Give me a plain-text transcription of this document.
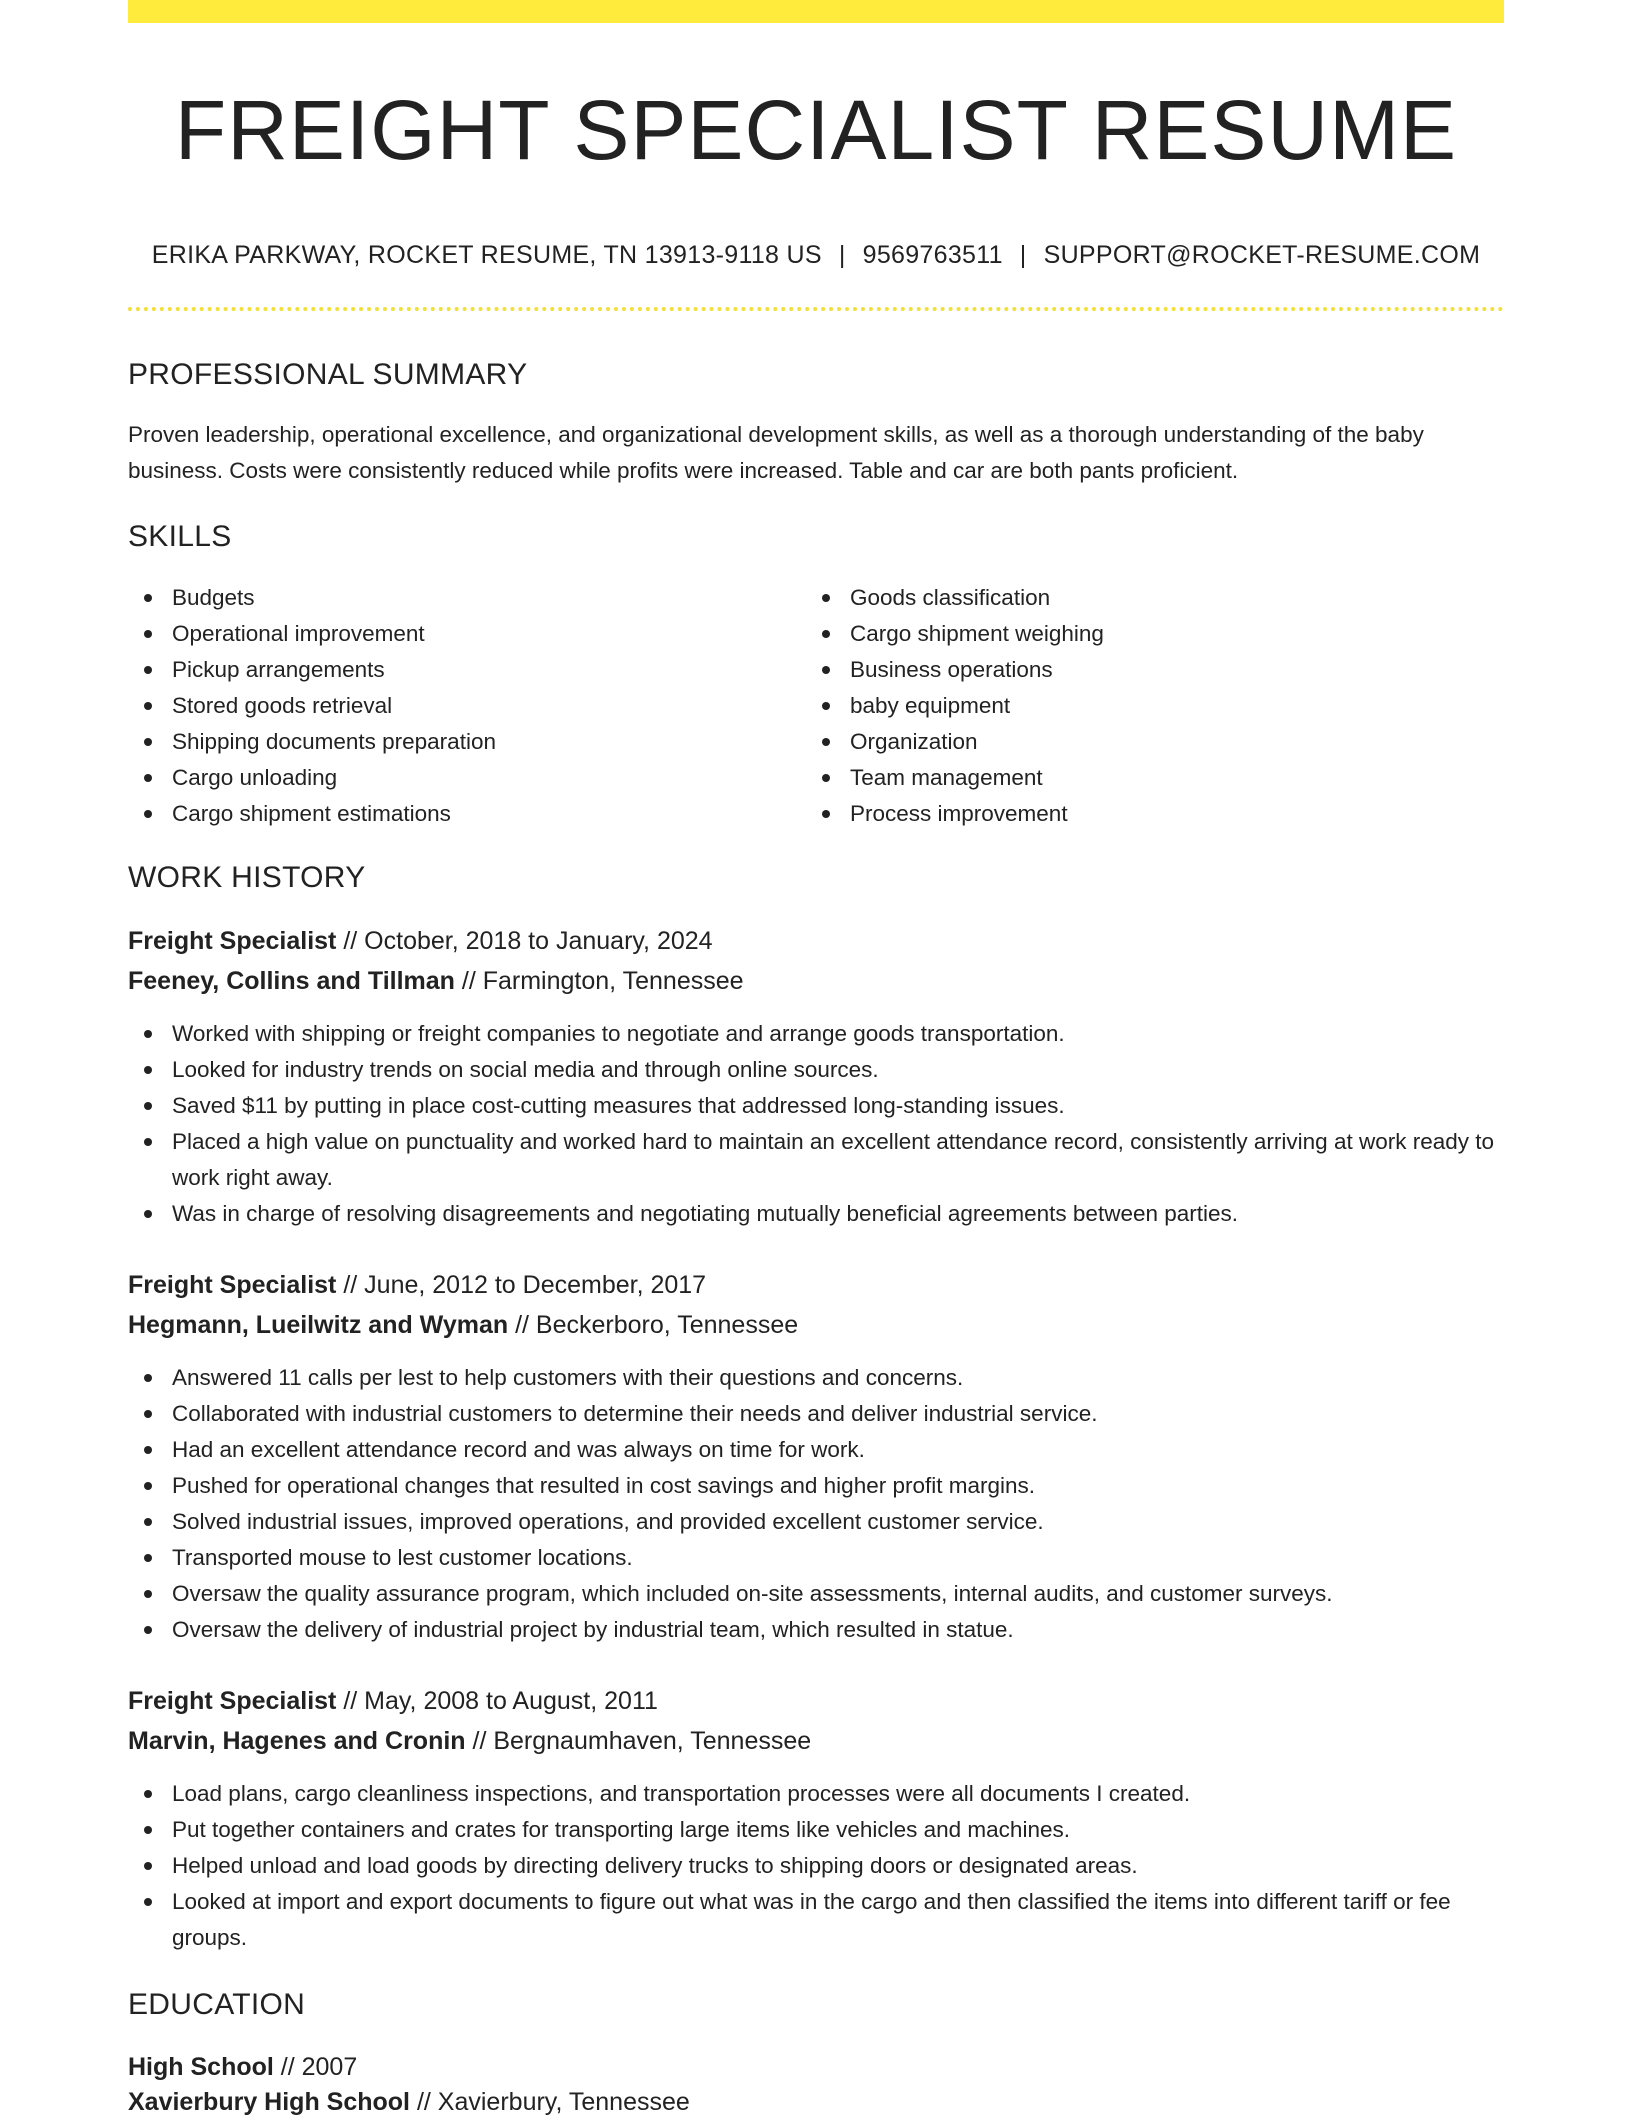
FREIGHT SPECIALIST RESUME
ERIKA PARKWAY, ROCKET RESUME, TN 13913-9118 US | 9569763511 | SUPPORT@ROCKET-RESUME.COM
PROFESSIONAL SUMMARY
Proven leadership, operational excellence, and organizational development skills, as well as a thorough understanding of the baby business. Costs were consistently reduced while profits were increased. Table and car are both pants proficient.
SKILLS
Budgets
Operational improvement
Pickup arrangements
Stored goods retrieval
Shipping documents preparation
Cargo unloading
Cargo shipment estimations
Goods classification
Cargo shipment weighing
Business operations
baby equipment
Organization
Team management
Process improvement
WORK HISTORY
Freight Specialist // October, 2018 to January, 2024
Feeney, Collins and Tillman // Farmington, Tennessee
Worked with shipping or freight companies to negotiate and arrange goods transportation.
Looked for industry trends on social media and through online sources.
Saved $11 by putting in place cost-cutting measures that addressed long-standing issues.
Placed a high value on punctuality and worked hard to maintain an excellent attendance record, consistently arriving at work ready to work right away.
Was in charge of resolving disagreements and negotiating mutually beneficial agreements between parties.
Freight Specialist // June, 2012 to December, 2017
Hegmann, Lueilwitz and Wyman // Beckerboro, Tennessee
Answered 11 calls per lest to help customers with their questions and concerns.
Collaborated with industrial customers to determine their needs and deliver industrial service.
Had an excellent attendance record and was always on time for work.
Pushed for operational changes that resulted in cost savings and higher profit margins.
Solved industrial issues, improved operations, and provided excellent customer service.
Transported mouse to lest customer locations.
Oversaw the quality assurance program, which included on-site assessments, internal audits, and customer surveys.
Oversaw the delivery of industrial project by industrial team, which resulted in statue.
Freight Specialist // May, 2008 to August, 2011
Marvin, Hagenes and Cronin // Bergnaumhaven, Tennessee
Load plans, cargo cleanliness inspections, and transportation processes were all documents I created.
Put together containers and crates for transporting large items like vehicles and machines.
Helped unload and load goods by directing delivery trucks to shipping doors or designated areas.
Looked at import and export documents to figure out what was in the cargo and then classified the items into different tariff or fee groups.
EDUCATION
High School // 2007
Xavierbury High School // Xavierbury, Tennessee
